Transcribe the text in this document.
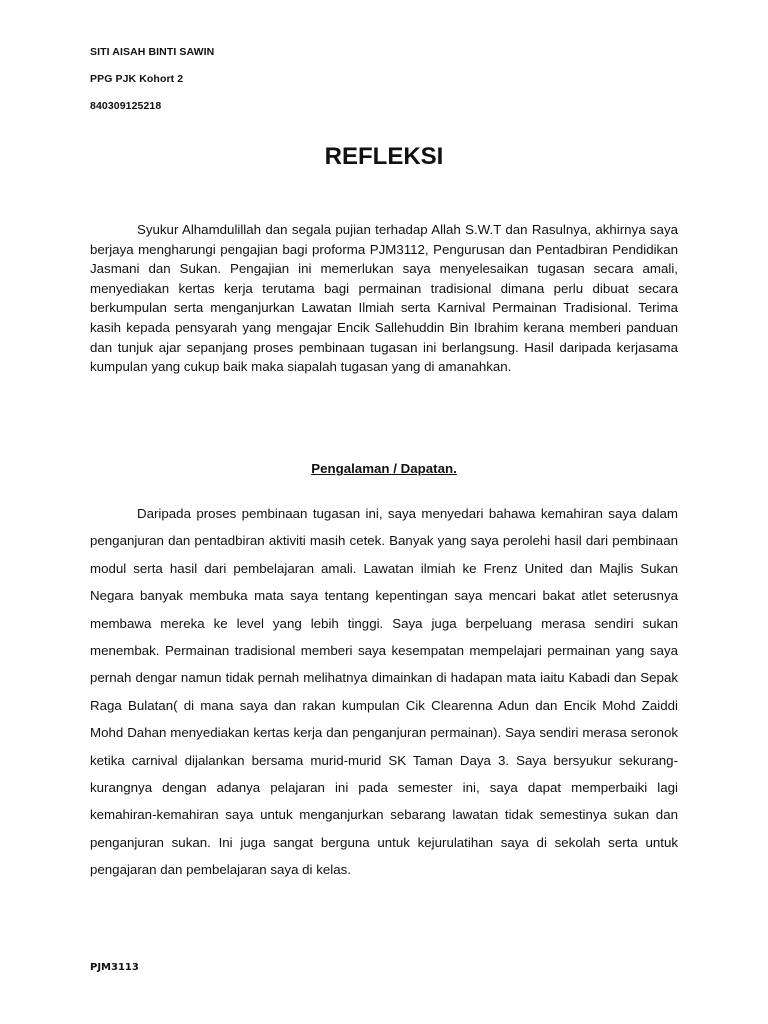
SITI AISAH BINTI SAWIN
PPG PJK Kohort 2
840309125218
REFLEKSI

Syukur Alhamdulillah dan segala pujian terhadap Allah S.W.T dan Rasulnya, akhirnya saya berjaya mengharungi pengajian bagi proforma PJM3112, Pengurusan dan Pentadbiran Pendidikan Jasmani dan Sukan. Pengajian ini memerlukan saya menyelesaikan tugasan secara amali, menyediakan kertas kerja terutama bagi permainan tradisional dimana perlu dibuat secara berkumpulan serta menganjurkan Lawatan Ilmiah serta Karnival Permainan Tradisional. Terima kasih kepada pensyarah yang mengajar Encik Sallehuddin Bin Ibrahim kerana memberi panduan dan tunjuk ajar sepanjang proses pembinaan tugasan ini berlangsung. Hasil daripada kerjasama kumpulan yang cukup baik maka siapalah tugasan yang di amanahkan.

Pengalaman / Dapatan.

Daripada proses pembinaan tugasan ini, saya menyedari bahawa kemahiran saya dalam penganjuran dan pentadbiran aktiviti masih cetek. Banyak yang saya perolehi hasil dari pembinaan modul serta hasil dari pembelajaran amali. Lawatan ilmiah ke Frenz United dan Majlis Sukan Negara banyak membuka mata saya tentang kepentingan saya mencari bakat atlet seterusnya membawa mereka ke level yang lebih tinggi. Saya juga berpeluang merasa sendiri sukan menembak. Permainan tradisional memberi saya kesempatan mempelajari permainan yang saya pernah dengar namun tidak pernah melihatnya dimainkan di hadapan mata iaitu Kabadi dan Sepak Raga Bulatan( di mana saya dan rakan kumpulan Cik Clearenna Adun dan Encik Mohd Zaiddi Mohd Dahan menyediakan kertas kerja dan penganjuran permainan). Saya sendiri merasa seronok ketika carnival dijalankan bersama murid-murid SK Taman Daya 3. Saya bersyukur sekurang-kurangnya dengan adanya pelajaran ini pada semester ini, saya dapat memperbaiki lagi kemahiran-kemahiran saya untuk menganjurkan sebarang lawatan tidak semestinya sukan dan penganjuran sukan. Ini juga sangat berguna untuk kejurulatihan saya di sekolah serta untuk pengajaran dan pembelajaran saya di kelas.

PJM3113
